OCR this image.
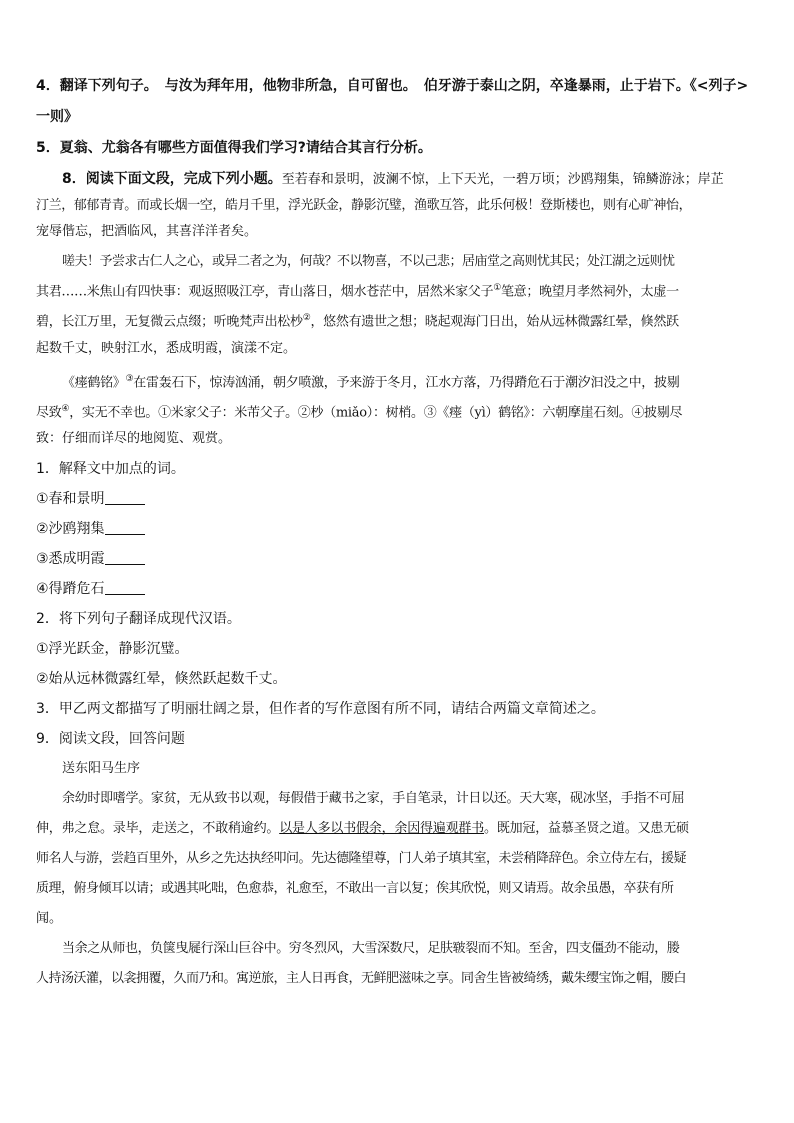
4．翻译下列句子。　与汝为拜年用，他物非所急，自可留也。　伯牙游于泰山之阴，卒逢暴雨，止于岩下。《<列子>

一则》

5．夏翁、尤翁各有哪些方面值得我们学习?请结合其言行分析。

8．阅读下面文段，完成下列小题。至若春和景明，波澜不惊，上下天光，一碧万顷；沙鸥翔集，锦鳞游泳；岸芷

汀兰，郁郁青青。而或长烟一空，皓月千里，浮光跃金，静影沉璧，渔歌互答，此乐何极！登斯楼也，则有心旷神怡，

宠辱偕忘，把酒临风，其喜洋洋者矣。

嗟夫！予尝求古仁人之心，或异二者之为，何哉？不以物喜，不以己悲；居庙堂之高则忧其民；处江湖之远则忧

其君……米焦山有四快事：观返照吸江亭，青山落日，烟水苍茫中，居然米家父子①笔意；晚望月孝然祠外，太虚一

碧，长江万里，无复微云点缀；听晚梵声出松杪②，悠然有遗世之想；晓起观海门日出，始从远林微露红晕，倏然跃

起数千丈，映射江水，悉成明霞，演漾不定。

《瘗鹤铭》③在雷轰石下，惊涛汹涌，朝夕喷激，予来游于冬月，江水方落，乃得蹐危石于潮汐汩没之中，披剔

尽致④，实无不幸也。①米家父子：米芾父子。②杪（miǎo）：树梢。③《瘗（yì）鹤铭》：六朝摩崖石刻。④披剔尽

致：仔细而详尽的地阅览、观赏。

1．解释文中加点的词。

①春和景明

②沙鸥翔集

③悉成明霞

④得蹐危石

2．将下列句子翻译成现代汉语。

①浮光跃金，静影沉璧。

②始从远林微露红晕，倏然跃起数千丈。

3．甲乙两文都描写了明丽壮阔之景，但作者的写作意图有所不同，请结合两篇文章简述之。

9．阅读文段，回答问题

送东阳马生序

余幼时即嗜学。家贫，无从致书以观，每假借于藏书之家，手自笔录，计日以还。天大寒，砚冰坚，手指不可屈

伸，弗之怠。录毕，走送之，不敢稍逾约。以是人多以书假余，余因得遍观群书。既加冠，益慕圣贤之道。又患无硕

师名人与游，尝趋百里外，从乡之先达执经叩问。先达德隆望尊，门人弟子填其室，未尝稍降辞色。余立侍左右，援疑

质理，俯身倾耳以请；或遇其叱咄，色愈恭，礼愈至，不敢出一言以复；俟其欣悦，则又请焉。故余虽愚，卒获有所

闻。

当余之从师也，负箧曳屣行深山巨谷中。穷冬烈风，大雪深数尺，足肤皲裂而不知。至舍，四支僵劲不能动，媵

人持汤沃灌，以衾拥覆，久而乃和。寓逆旅，主人日再食，无鲜肥滋味之享。同舍生皆被绮绣，戴朱缨宝饰之帽，腰白
